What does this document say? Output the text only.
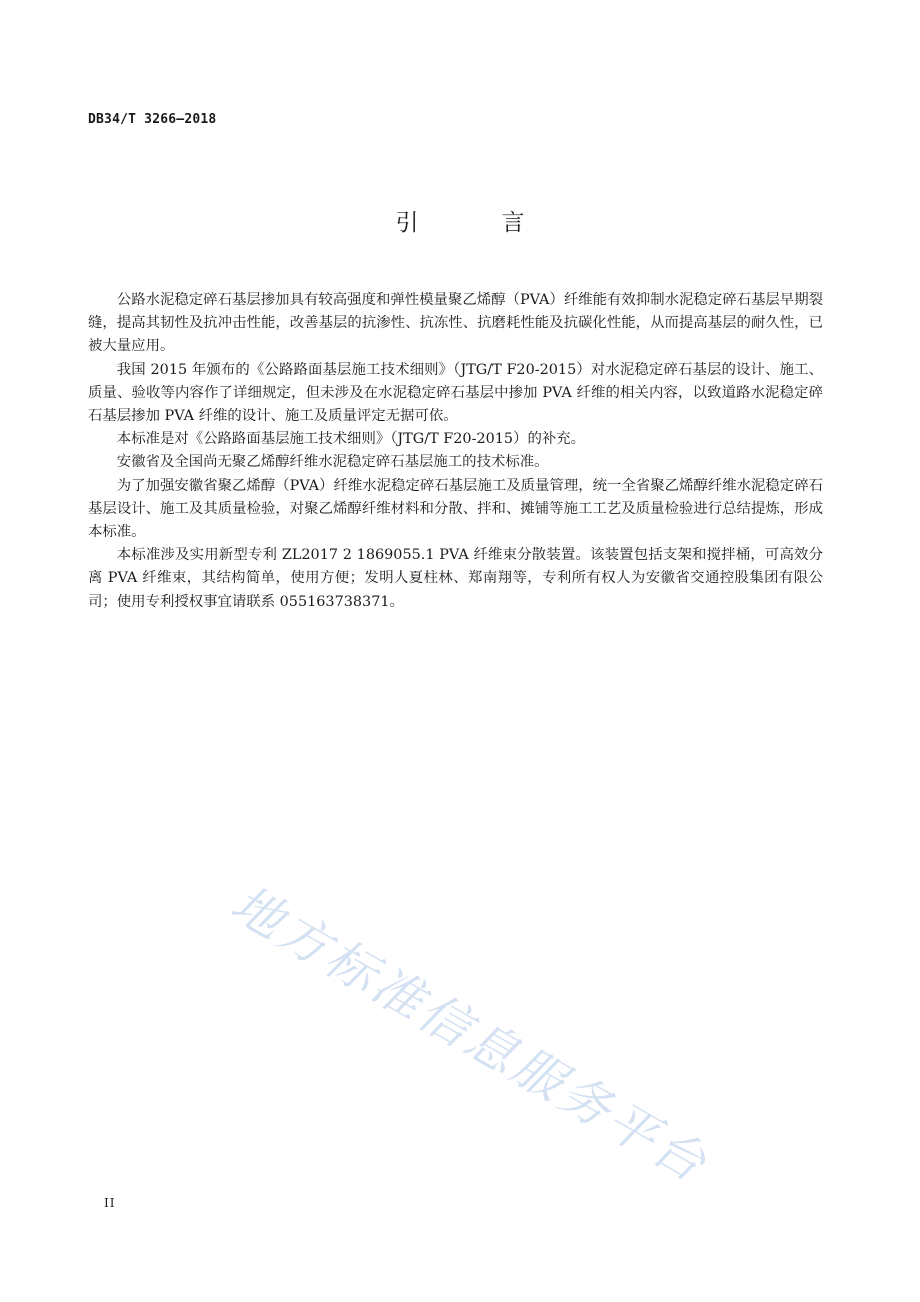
DB34/T 3266—2018
引　言

公路水泥稳定碎石基层掺加具有较高强度和弹性模量聚乙烯醇（PVA）纤维能有效抑制水泥稳定碎石基层早期裂缝，提高其韧性及抗冲击性能，改善基层的抗渗性、抗冻性、抗磨耗性能及抗碳化性能，从而提高基层的耐久性，已被大量应用。

我国 2015 年颁布的《公路路面基层施工技术细则》（JTG/T F20-2015）对水泥稳定碎石基层的设计、施工、质量、验收等内容作了详细规定，但未涉及在水泥稳定碎石基层中掺加 PVA 纤维的相关内容，以致道路水泥稳定碎石基层掺加 PVA 纤维的设计、施工及质量评定无据可依。

本标准是对《公路路面基层施工技术细则》（JTG/T F20-2015）的补充。

安徽省及全国尚无聚乙烯醇纤维水泥稳定碎石基层施工的技术标准。

为了加强安徽省聚乙烯醇（PVA）纤维水泥稳定碎石基层施工及质量管理，统一全省聚乙烯醇纤维水泥稳定碎石基层设计、施工及其质量检验，对聚乙烯醇纤维材料和分散、拌和、摊铺等施工工艺及质量检验进行总结提炼，形成本标准。

本标准涉及实用新型专利 ZL2017 2 1869055.1 PVA 纤维束分散装置。该装置包括支架和搅拌桶，可高效分离 PVA 纤维束，其结构简单，使用方便；发明人夏柱林、郑南翔等，专利所有权人为安徽省交通控股集团有限公司；使用专利授权事宜请联系 055163738371。

地方标准信息服务平台
II
